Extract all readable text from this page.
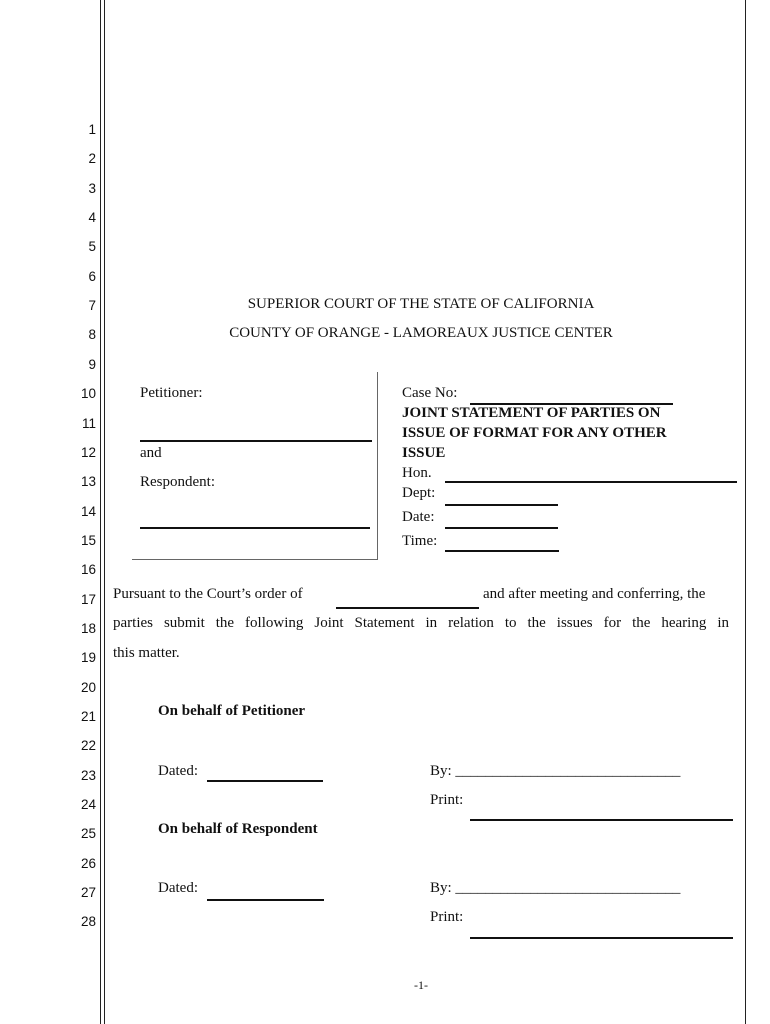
1
2
3
4
5
6
7
8
9
10
11
12
13
14
15
16
17
18
19
20
21
22
23
24
25
26
27
28
SUPERIOR COURT OF THE STATE OF CALIFORNIA
COUNTY OF ORANGE - LAMOREAUX JUSTICE CENTER
Petitioner:
and
Respondent:
Case No:
JOINT STATEMENT OF PARTIES ON
ISSUE OF FORMAT FOR ANY OTHER
ISSUE
Hon.
Dept:
Date:
Time:
Pursuant to the Court’s order of	and after meeting and conferring, the
parties submit the following Joint Statement in relation to the issues for the hearing in
this matter.
On behalf of Petitioner
Dated:	By: ______________________________
Print:
On behalf of Respondent
Dated:	By: ______________________________
Print:
-1-
